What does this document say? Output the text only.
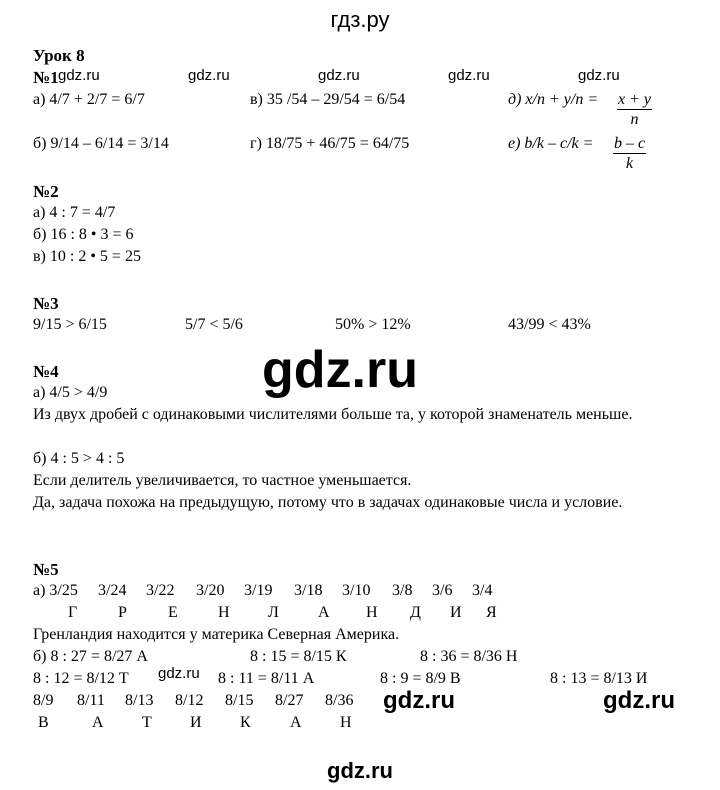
гдз.ру
Урок 8
№1 gdz.ru	gdz.ru	gdz.ru	gdz.ru	gdz.ru
а) 4/7 + 2/7 = 6/7	в) 35 /54 – 29/54 = 6/54	д) $x/n + y/n = \frac{x + y}{n}$
б) 9/14 – 6/14 = 3/14	г) 18/75 + 46/75 = 64/75	е) $b/k - c/k = \frac{b - c}{k}$
№2
а) 4 : 7 = 4/7
б) 16 : 8 • 3 = 6
в) 10 : 2 • 5 = 25
№3
9/15 > 6/15	5/7 < 5/6	50% > 12%	43/99 < 43%
№4	gdz.ru
а) 4/5 > 4/9
Из двух дробей с одинаковыми числителями больше та, у которой знаменатель меньше.
б) 4 : 5 > 4 : 5
Если делитель увеличивается, то частное уменьшается.
Да, задача похожа на предыдущую, потому что в задачах одинаковые числа и условие.
№5
а) 3/25 3/24 3/22 3/20 3/19 3/18 3/10 3/8 3/6 3/4
Г	Р	Е	Н Л А Н Д И Я
Гренландия находится у материка Северная Америка.
б) 8 : 27 = 8/27 А	8 : 15 = 8/15 К	8 : 36 = 8/36 Н
gdz.ru
8 : 12 = 8/12 Т	8 : 11 = 8/11 А	8 : 9 = 8/9 В	8 : 13 = 8/13 И
8/9 8/11 8/13 8/12 8/15 8/27 8/36 gdz.ru	gdz.ru
В	А Т И К А Н
gdz.ru
